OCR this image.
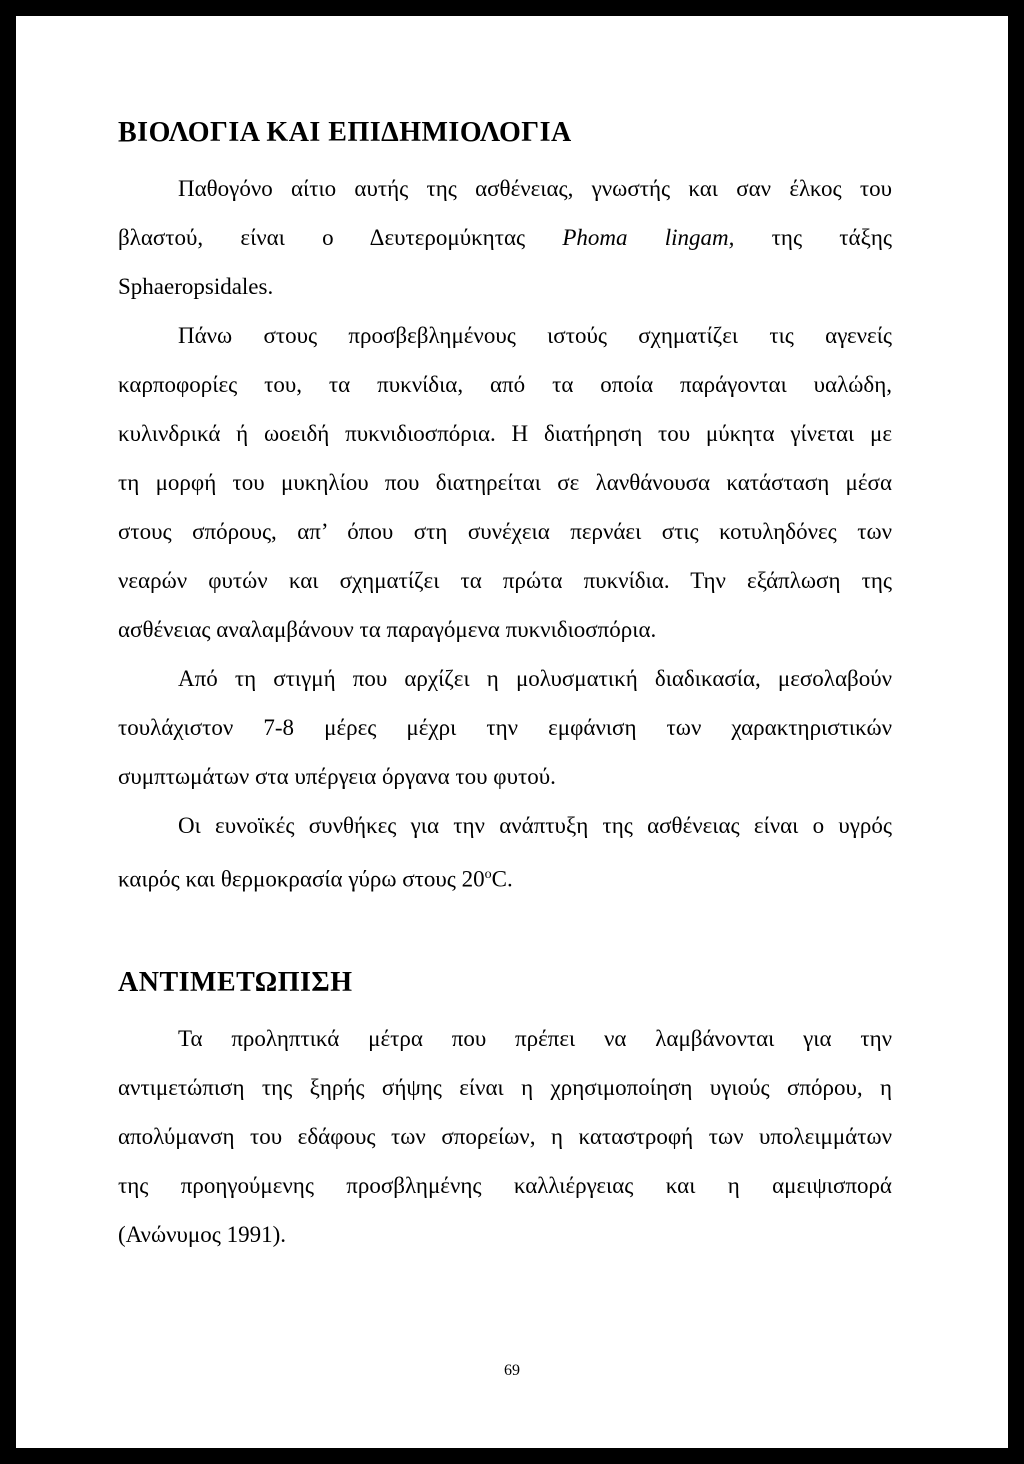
ΒΙΟΛΟΓΙΑ ΚΑΙ ΕΠΙΔΗΜΙΟΛΟΓΙΑ
Παθογόνο αίτιο αυτής της ασθένειας, γνωστής και σαν έλκος του
βλαστού, είναι ο Δευτερομύκητας Phoma lingam, της τάξης
Sphaeropsidales.
Πάνω στους προσβεβλημένους ιστούς σχηματίζει τις αγενείς
καρποφορίες του, τα πυκνίδια, από τα οποία παράγονται υαλώδη,
κυλινδρικά ή ωοειδή πυκνιδιοσπόρια. Η διατήρηση του μύκητα γίνεται με
τη μορφή του μυκηλίου που διατηρείται σε λανθάνουσα κατάσταση μέσα
στους σπόρους, απ’ όπου στη συνέχεια περνάει στις κοτυληδόνες των
νεαρών φυτών και σχηματίζει τα πρώτα πυκνίδια. Την εξάπλωση της
ασθένειας αναλαμβάνουν τα παραγόμενα πυκνιδιοσπόρια.
Από τη στιγμή που αρχίζει η μολυσματική διαδικασία, μεσολαβούν
τουλάχιστον 7-8 μέρες μέχρι την εμφάνιση των χαρακτηριστικών
συμπτωμάτων στα υπέργεια όργανα του φυτού.
Οι ευνοϊκές συνθήκες για την ανάπτυξη της ασθένειας είναι ο υγρός
καιρός και θερμοκρασία γύρω στους 20$^o$C.
ΑΝΤΙΜΕΤΩΠΙΣΗ
Τα προληπτικά μέτρα που πρέπει να λαμβάνονται για την
αντιμετώπιση της ξηρής σήψης είναι η χρησιμοποίηση υγιούς σπόρου, η
απολύμανση του εδάφους των σπορείων, η καταστροφή των υπολειμμάτων
της προηγούμενης προσβλημένης καλλιέργειας και η αμειψισπορά
(Ανώνυμος 1991).
69
